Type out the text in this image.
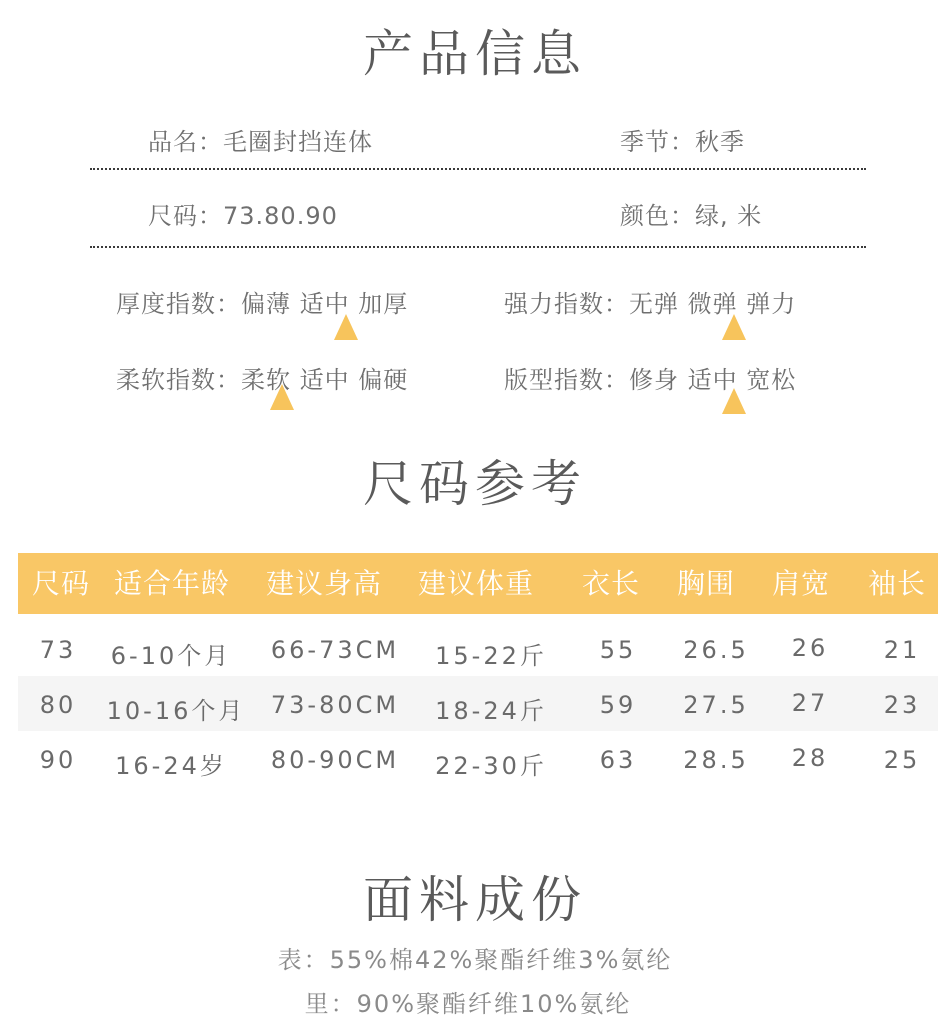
产品信息
品名：毛圈封挡连体	季节：秋季
尺码：73.80.90	颜色：绿, 米
厚度指数：偏薄 适中 加厚	强力指数：无弹 微弹 弹力
柔软指数：柔软 适中 偏硬	版型指数：修身 适中 宽松
尺码参考
尺码 适合年龄 建议身高 建议体重 衣长 胸围 肩宽 袖长
73	6-10个月	66-73CM	15-22斤	55	26.5	26	21
80	10-16个月	73-80CM	18-24斤	59	27.5	27	23
90	16-24岁	80-90CM	22-30斤	63	28.5	28	25
面料成份
表：55%棉42%聚酯纤维3%氨纶
里：90%聚酯纤维10%氨纶
